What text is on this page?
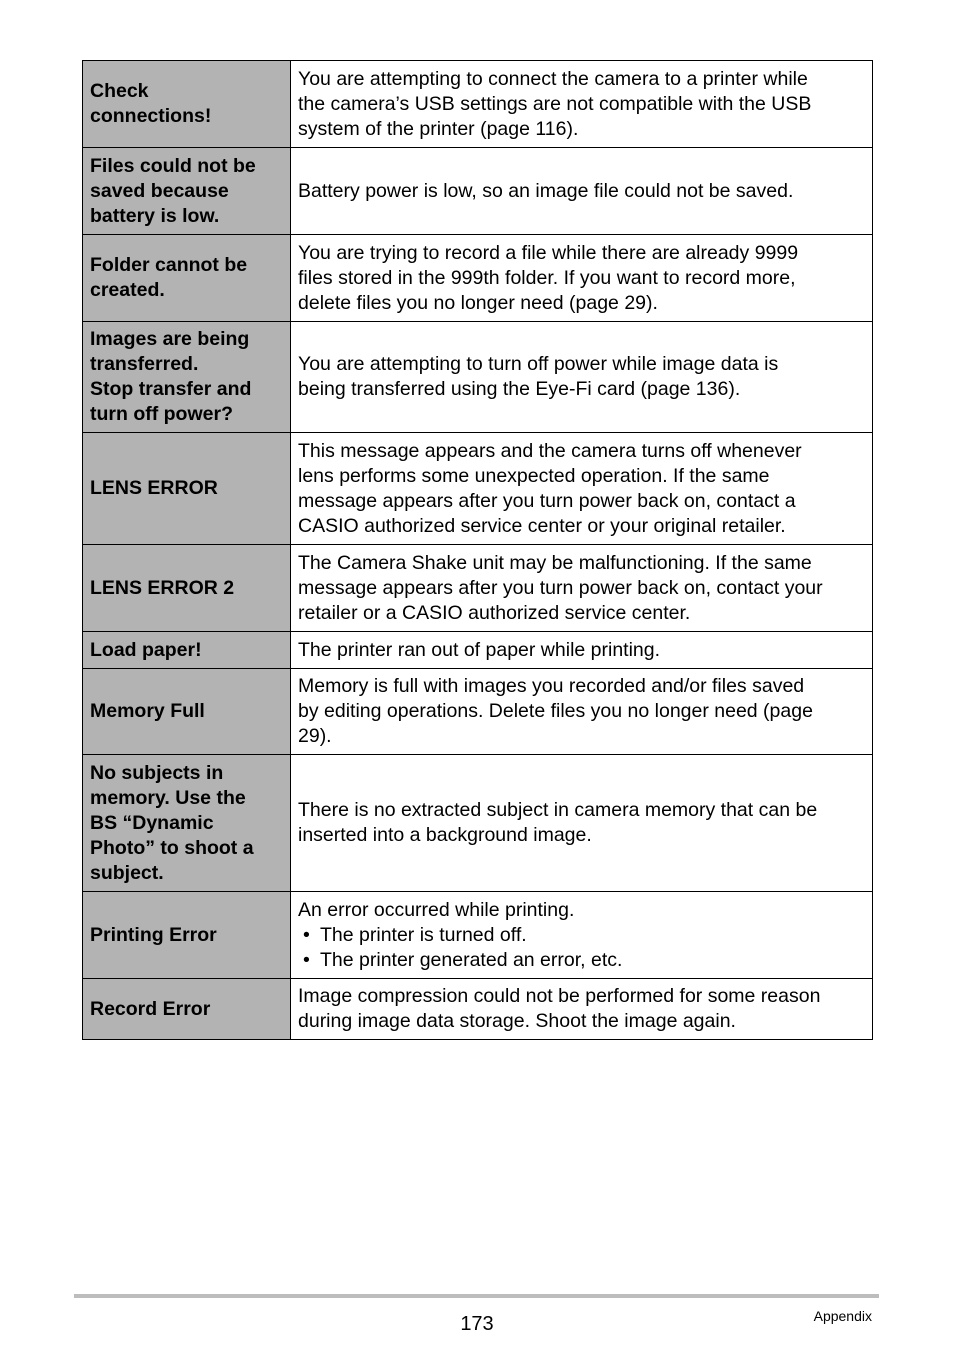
Check
connections!	You are attempting to connect the camera to a printer while
the camera’s USB settings are not compatible with the USB
system of the printer (page 116).

Files could not be
saved because
battery is low.	Battery power is low, so an image file could not be saved.

Folder cannot be
created.	You are trying to record a file while there are already 9999
files stored in the 999th folder. If you want to record more,
delete files you no longer need (page 29).

Images are being
transferred.
Stop transfer and
turn off power?	You are attempting to turn off power while image data is
being transferred using the Eye-Fi card (page 136).

LENS ERROR	This message appears and the camera turns off whenever
lens performs some unexpected operation. If the same
message appears after you turn power back on, contact a
CASIO authorized service center or your original retailer.

LENS ERROR 2	The Camera Shake unit may be malfunctioning. If the same
message appears after you turn power back on, contact your
retailer or a CASIO authorized service center.

Load paper!	The printer ran out of paper while printing.

Memory Full	Memory is full with images you recorded and/or files saved
by editing operations. Delete files you no longer need (page
29).

No subjects in
memory. Use the
BS “Dynamic
Photo” to shoot a
subject.	There is no extracted subject in camera memory that can be
inserted into a background image.

Printing Error	An error occurred while printing.
• The printer is turned off.
• The printer generated an error, etc.

Record Error	Image compression could not be performed for some reason
during image data storage. Shoot the image again.
173	Appendix
